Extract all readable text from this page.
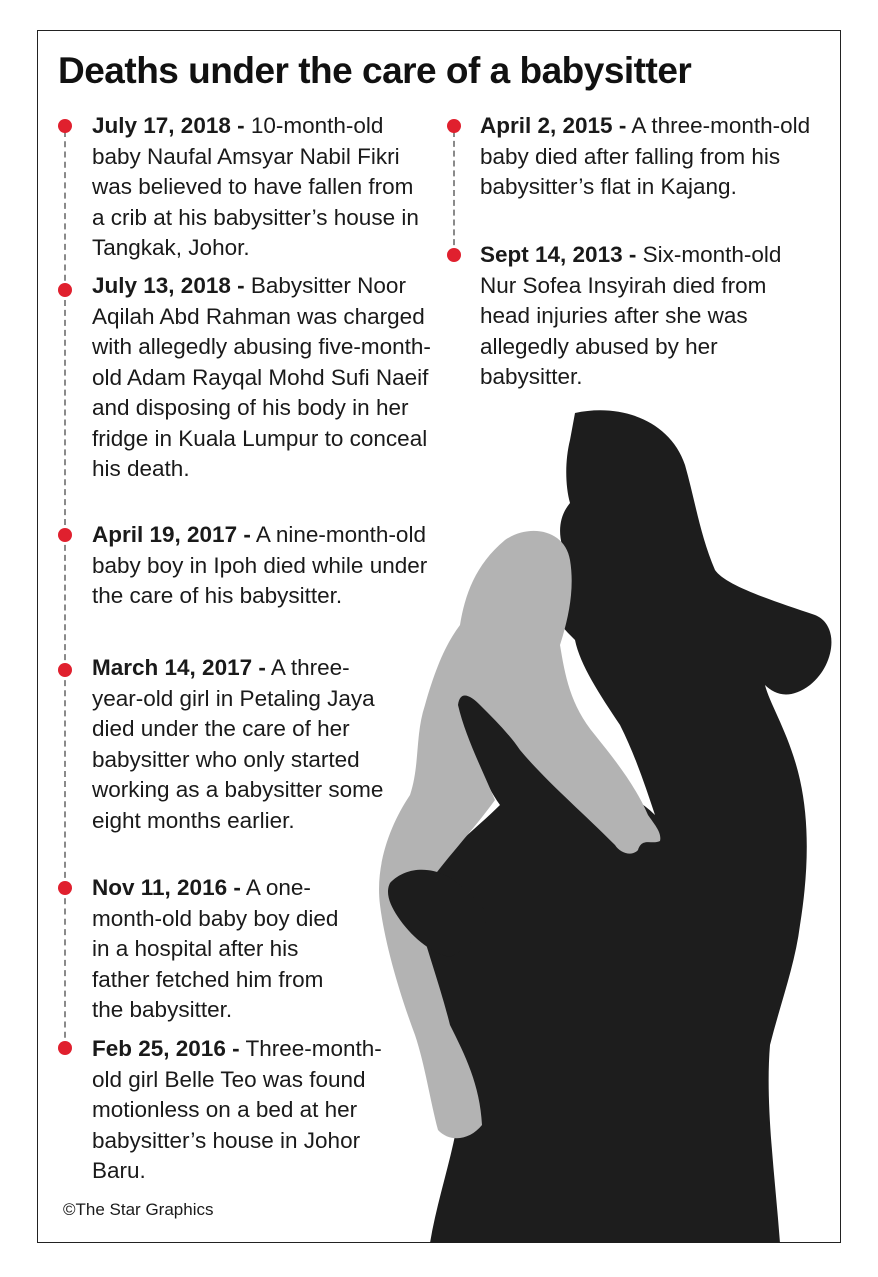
Deaths under the care of a babysitter
July 17, 2018 - 10-month-old baby Naufal Amsyar Nabil Fikri was believed to have fallen from a crib at his babysitter’s house in Tangkak, Johor.
July 13, 2018 - Babysitter Noor Aqilah Abd Rahman was charged with allegedly abusing five-month-old Adam Rayqal Mohd Sufi Naeif and disposing of his body in her fridge in Kuala Lumpur to conceal his death.
April 19, 2017 - A nine-month-old baby boy in Ipoh died while under the care of his babysitter.
March 14, 2017 - A three-year-old girl in Petaling Jaya died under the care of her babysitter who only started working as a babysitter some eight months earlier.
Nov 11, 2016 - A one-month-old baby boy died in a hospital after his father fetched him from the babysitter.
Feb 25, 2016 - Three-month-old girl Belle Teo was found motionless on a bed at her babysitter’s house in Johor Baru.
April 2, 2015 - A three-month-old baby died after falling from his babysitter’s flat in Kajang.
Sept 14, 2013 - Six-month-old Nur Sofea Insyirah died from head injuries after she was allegedly abused by her babysitter.
©The Star Graphics
